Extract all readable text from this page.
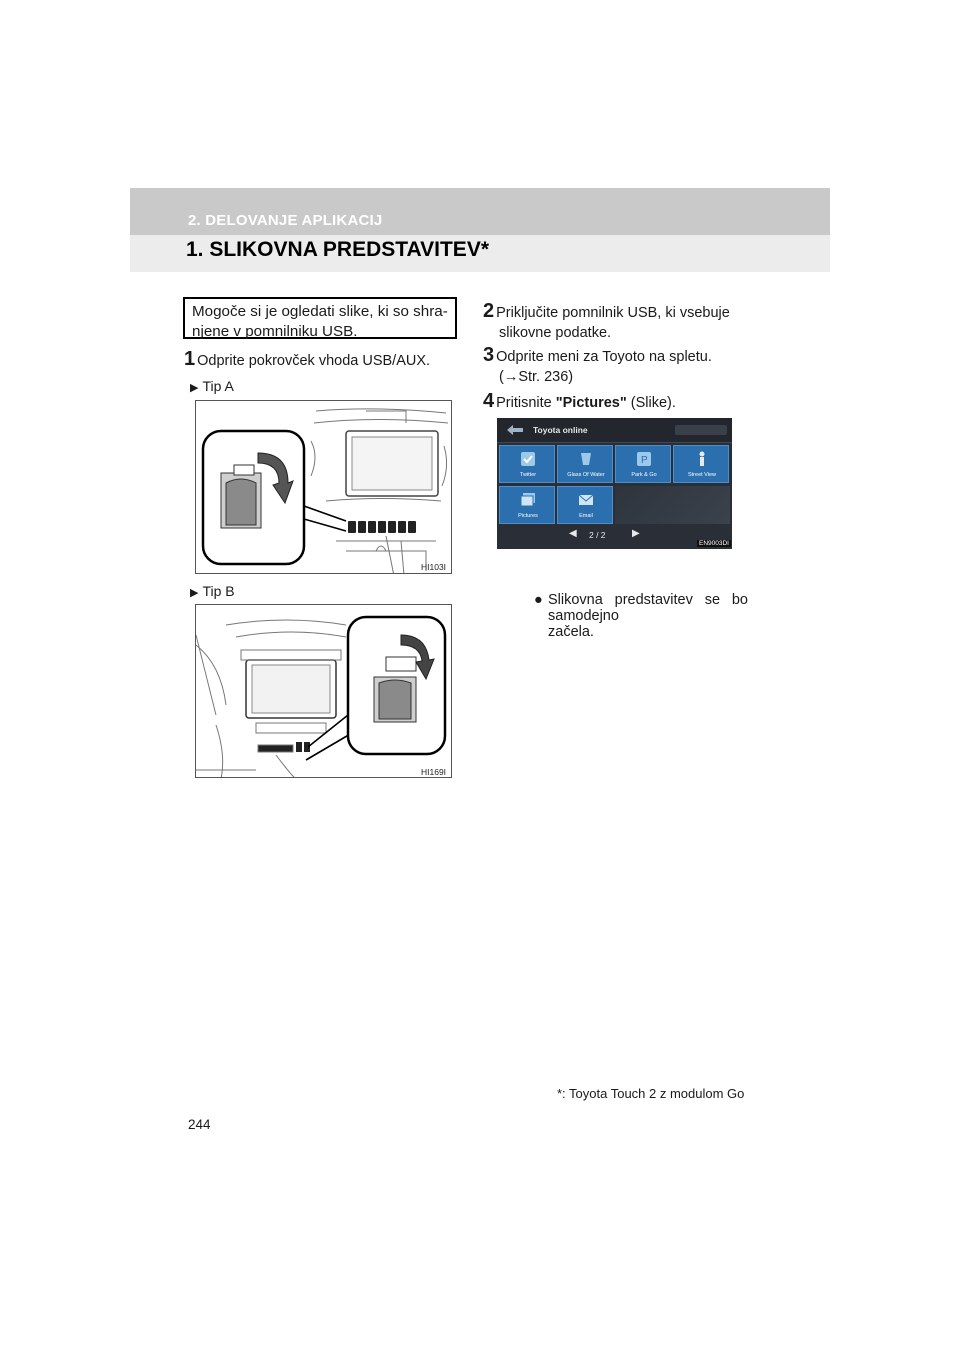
2. DELOVANJE APLIKACIJ
1. SLIKOVNA PREDSTAVITEV*
Mogoče si je ogledati slike, ki so shra-
njene v pomnilniku USB.
1 Odprite pokrovček vhoda USB/AUX.
▶ Tip A
HI103I
▶ Tip B
HI169I
2 Priključite pomnilnik USB, ki vsebuje
slikovne podatke.
3 Odprite meni za Toyoto na spletu.
(→Str. 236)
4 Pritisnite "Pictures" (Slike).
Toyota online
Twitter	Glass Of Water
P
Park & Go	Street View
Pictures	Email
◀ 2 / 2	▶
EN9003DI
● Slikovna predstavitev se bo samodejno
začela.
*: Toyota Touch 2 z modulom Go
244
